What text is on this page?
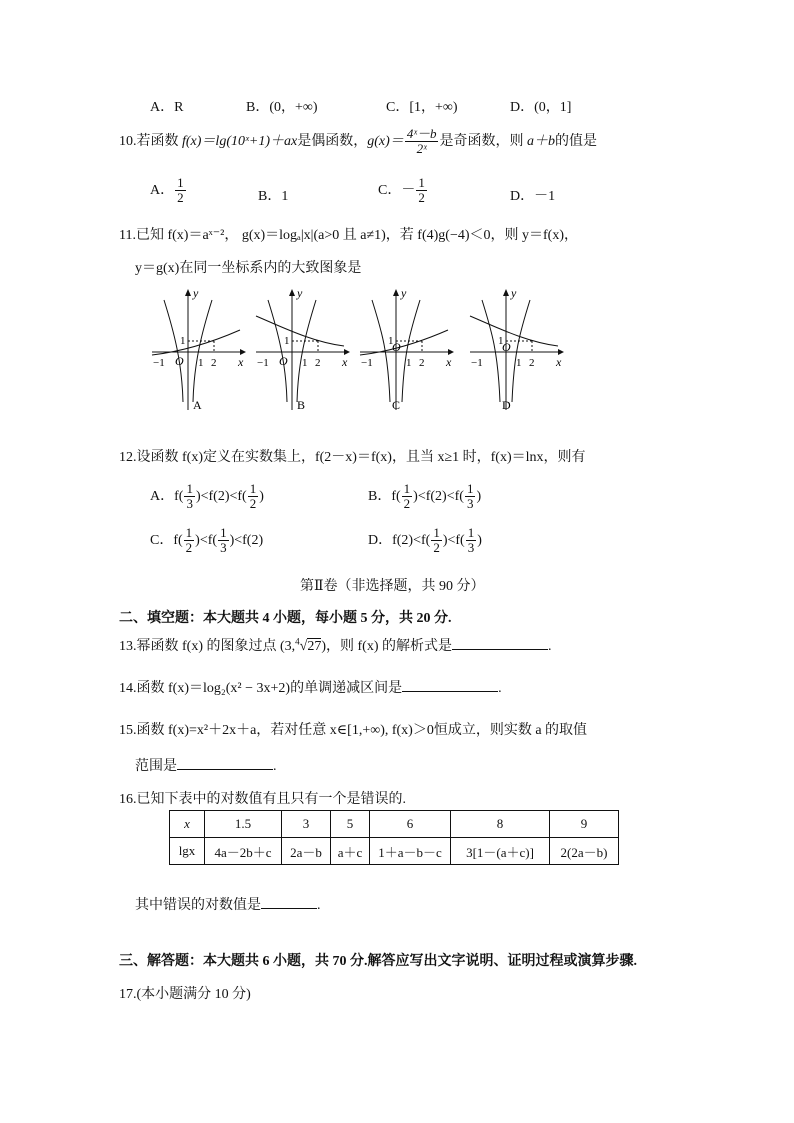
A．R	B．(0，+∞)	C．[1，+∞)	D．(0，1]
10.若函数 f(x)＝lg(10ˣ+1)＋ax是偶函数，$g(x)= \frac{\text{4ˣ－b}}{\text{2ˣ}}$ 是奇函数，则 a＋b的值是
A． $\frac{1}{2}$	B．1	C．－ $\frac{1}{2}$	D．－1
11.已知 f(x)＝aˣ⁻²， g(x)＝logₐ|x|(a>0 且 a≠1)，若 f(4)g(−4)＜0，则 y＝f(x)，
y＝g(x)在同一坐标系内的大致图象是
y
x
O
−1	1 2
1
A
y
x
O
−1	1 2
1
B
y
x
O
−1	1 2
1
C
y
x
O
−1	1 2
1
D
12.设函数 f(x)定义在实数集上，f(2－x)＝f(x)，且当 x≥1 时，f(x)＝lnx，则有
A．$f( \frac{1}{3} )<f(2)<f( \frac{1}{2}$ )	B．$f( \frac{1}{2} )<f(2)<f( \frac{1}{3}$ )
C．$f( \frac{1}{2} )<f( \frac{1}{3} )<f(2)$	D．$f(2)<f( \frac{1}{2} )<f( \frac{1}{3}$ )
第Ⅱ卷（非选择题，共 90 分）
二、填空题：本大题共 4 小题，每小题 5 分，共 20 分.
13.幂函数 f(x) 的图象过点 (3,$^4$√27)，则 f(x) 的解析式是	.
14.函数 f(x)＝log₂(x² − 3x+2)的单调递减区间是	.
15.函数 f(x)=x²＋2x＋a，若对任意 x∈[1,+∞), f(x)＞0恒成立，则实数 a 的取值
范围是	.
16.已知下表中的对数值有且只有一个是错误的.
x	1.5	3	5	6	8	9
lgx	4a－2b＋c	2a－b	a＋c	1＋a－b－c	3[1－(a＋c)]	2(2a－b)
其中错误的对数值是	.
三、解答题：本大题共 6 小题，共 70 分.解答应写出文字说明、证明过程或演算步骤.
17.(本小题满分 10 分)
